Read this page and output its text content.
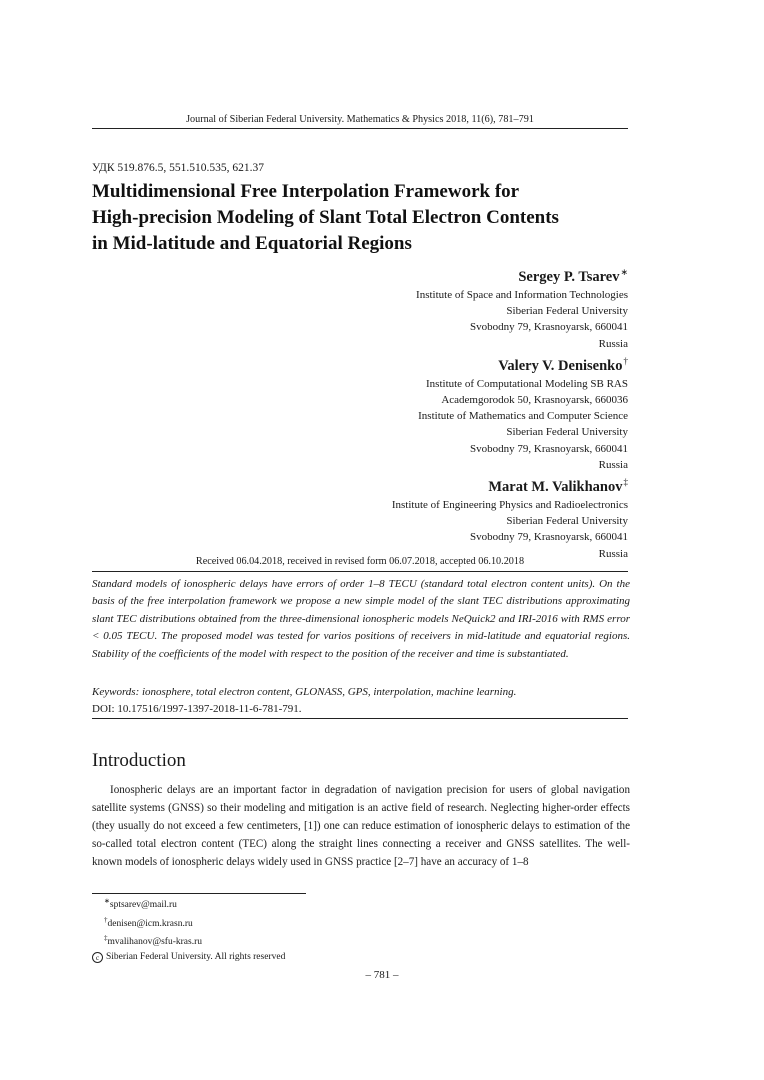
Journal of Siberian Federal University. Mathematics & Physics 2018, 11(6), 781–791
УДК 519.876.5, 551.510.535, 621.37
Multidimensional Free Interpolation Framework for
High-precision Modeling of Slant Total Electron Contents
in Mid-latitude and Equatorial Regions
Sergey P. Tsarev∗
Institute of Space and Information Technologies
Siberian Federal University
Svobodny 79, Krasnoyarsk, 660041
Russia
Valery V. Denisenko†
Institute of Computational Modeling SB RAS
Academgorodok 50, Krasnoyarsk, 660036
Institute of Mathematics and Computer Science
Siberian Federal University
Svobodny 79, Krasnoyarsk, 660041
Russia
Marat M. Valikhanov‡
Institute of Engineering Physics and Radioelectronics
Siberian Federal University
Svobodny 79, Krasnoyarsk, 660041
Russia
Received 06.04.2018, received in revised form 06.07.2018, accepted 06.10.2018
Standard models of ionospheric delays have errors of order 1–8 TECU (standard total electron content units). On the basis of the free interpolation framework we propose a new simple model of the slant TEC distributions approximating slant TEC distributions obtained from the three-dimensional ionospheric models NeQuick2 and IRI-2016 with RMS error < 0.05 TECU. The proposed model was tested for varios positions of receivers in mid-latitude and equatorial regions. Stability of the coefficients of the model with respect to the position of the receiver and time is substantiated.
Keywords: ionosphere, total electron content, GLONASS, GPS, interpolation, machine learning.
DOI: 10.17516/1997-1397-2018-11-6-781-791.
Introduction

Ionospheric delays are an important factor in degradation of navigation precision for users of global navigation satellite systems (GNSS) so their modeling and mitigation is an active field of research. Neglecting higher-order effects (they usually do not exceed a few centimeters, [1]) one can reduce estimation of ionospheric delays to estimation of the so-called total electron content (TEC) along the straight lines connecting a receiver and GNSS satellites. The well-known models of ionospheric delays widely used in GNSS practice [2–7] have an accuracy of 1–8

∗sptsarev@mail.ru
†denisen@icm.krasn.ru
‡mvalihanov@sfu-kras.ru
c Siberian Federal University. All rights reserved
– 781 –
